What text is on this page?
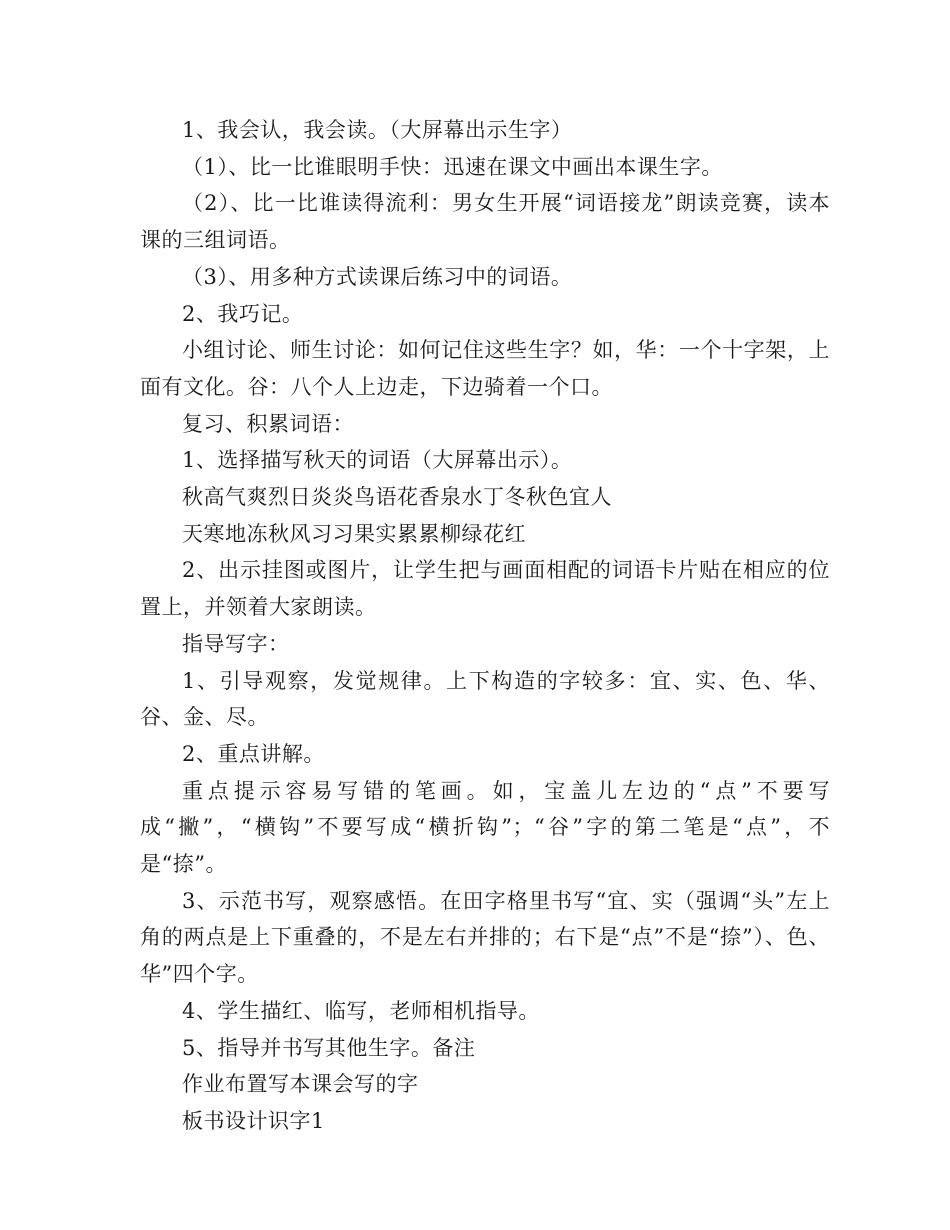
1、我会认，我会读。（大屏幕出示生字）

（1）、比一比谁眼明手快：迅速在课文中画出本课生字。

（2）、比一比谁读得流利：男女生开展“词语接龙”朗读竞赛，读本课的三组词语。

（3）、用多种方式读课后练习中的词语。

2、我巧记。

小组讨论、师生讨论：如何记住这些生字？如，华：一个十字架，上面有文化。谷：八个人上边走，下边骑着一个口。

复习、积累词语：

1、选择描写秋天的词语（大屏幕出示）。

秋高气爽烈日炎炎鸟语花香泉水丁冬秋色宜人

天寒地冻秋风习习果实累累柳绿花红

2、出示挂图或图片，让学生把与画面相配的词语卡片贴在相应的位置上，并领着大家朗读。

指导写字：

1、引导观察，发觉规律。上下构造的字较多：宜、实、色、华、谷、金、尽。

2、重点讲解。

重点提示容易写错的笔画。如，宝盖儿左边的“点”不要写成“撇”，“横钩”不要写成“横折钩”；“谷”字的第二笔是“点”，不是“捺”。

3、示范书写，观察感悟。在田字格里书写“宜、实（强调“头”左上角的两点是上下重叠的，不是左右并排的；右下是“点”不是“捺”）、色、华”四个字。

4、学生描红、临写，老师相机指导。

5、指导并书写其他生字。备注

作业布置写本课会写的字

板书设计识字1
